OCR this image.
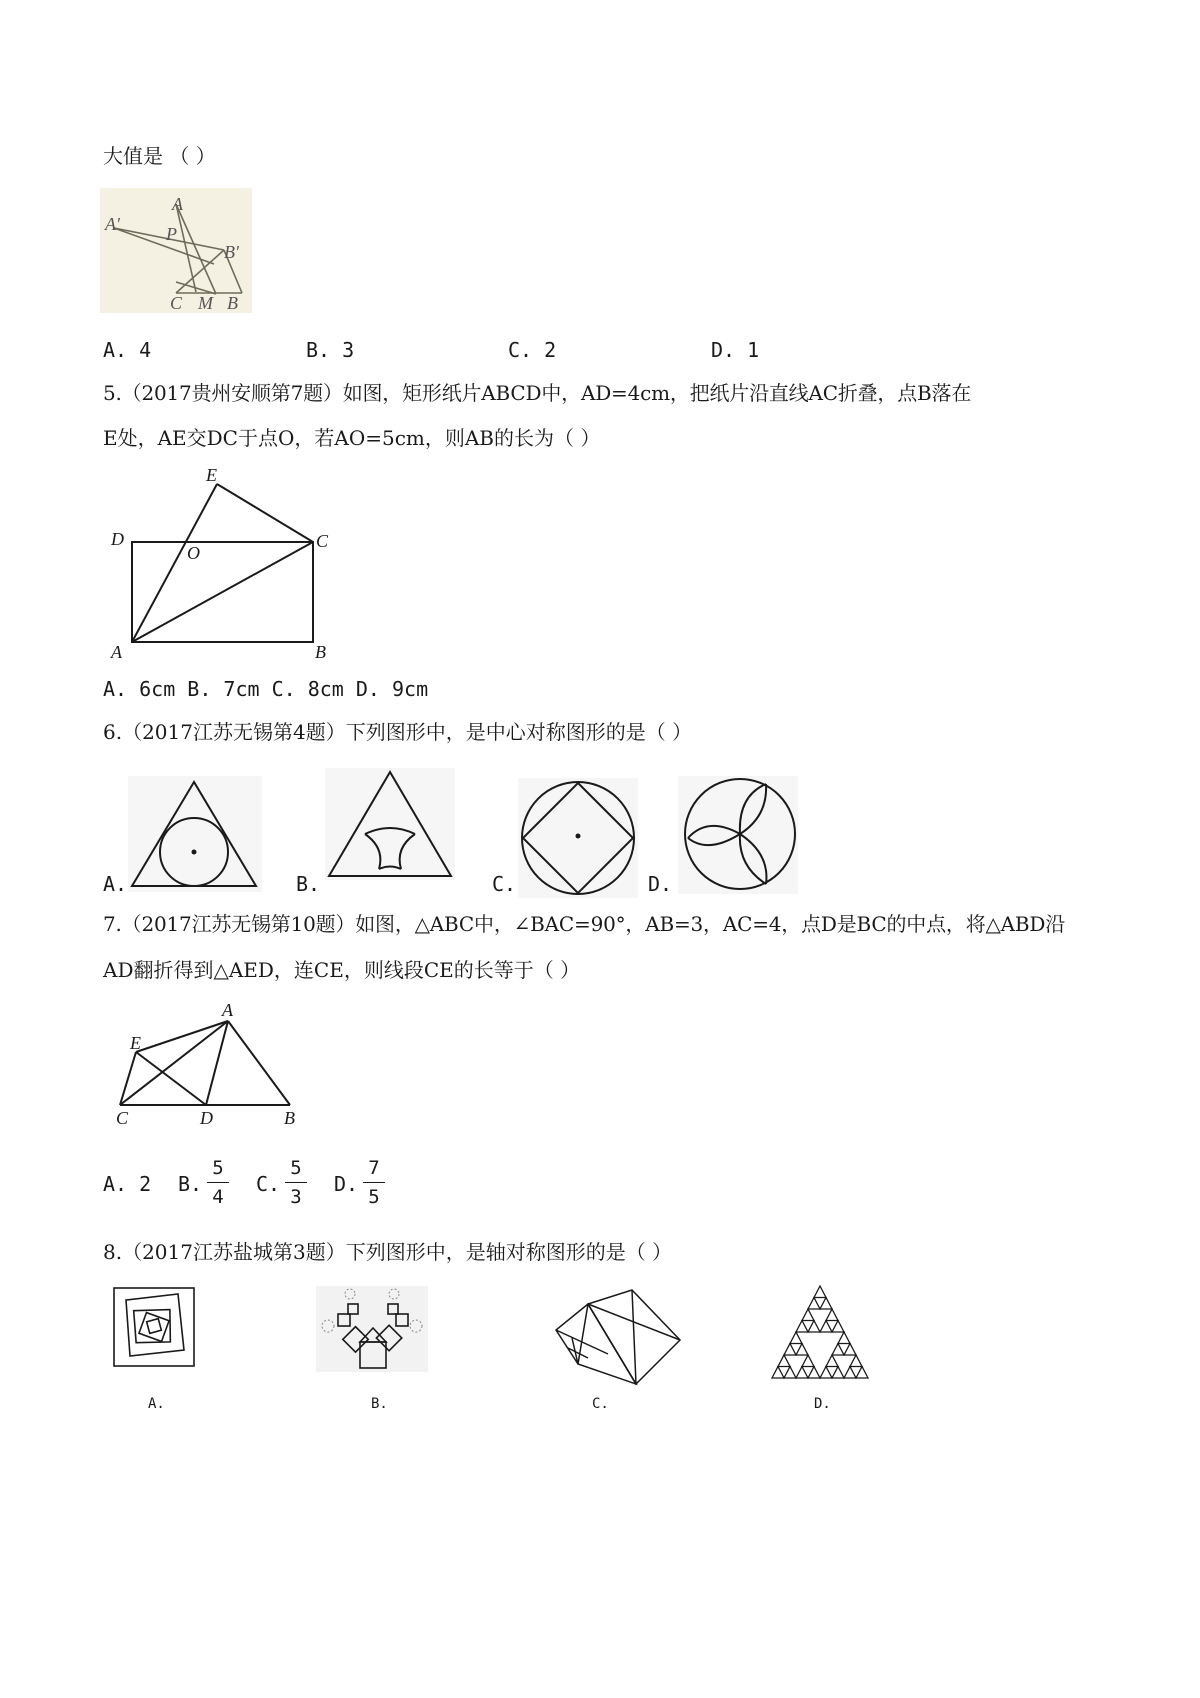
大值是 （ ）
A'
A
P
B'
C M B
A. 4	B. 3	C. 2	D. 1
5.（2017贵州安顺第7题）如图，矩形纸片ABCD中，AD=4cm，把纸片沿直线AC折叠，点B落在
E处，AE交DC于点O，若AO=5cm，则AB的长为（ ）
E
D
O
C
A	B
A. 6cm B. 7cm C. 8cm D. 9cm
6.（2017江苏无锡第4题）下列图形中，是中心对称图形的是（ ）
A.	B.	C.	D.
7.（2017江苏无锡第10题）如图，△ABC中，∠BAC=90°，AB=3，AC=4，点D是BC的中点，将△ABD沿
AD翻折得到△AED，连CE，则线段CE的长等于（ ）
A
E
C	D	B
A. 2 B.
5
4
C.
5
3
D.
7
5
8.（2017江苏盐城第3题）下列图形中，是轴对称图形的是（ ）
A.	B.	C.	D.
